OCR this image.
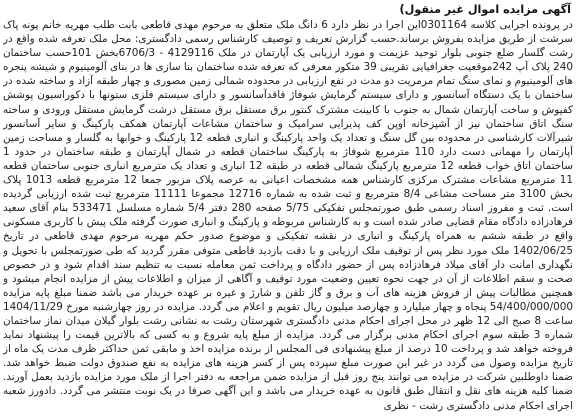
آگهی مزایده اموال غیر منقول)

در پرونده اجرایی کلاسه 0301164این اجرا در نظر دارد 6 دانگ ملک متعلق به مرحوم مهدی قاطعی بابت طلب مهریه خانم پونه پاک سرشت از طریق مزایده بفروش برساند.حسب گزارش تعریف و توصیف کارشناس رسمی دادگستری: محل ملک تعرفه شده واقع در رشت گلسار ضلع جنوبی بلوار توحید عزیمت و مورد ارزیابی یک آپارتمان در ملک 4129116 - 6706/3بخش 101حسب ساختمان 240 پلاک آپ 242موقعیت جغرافیایی تقریبی 39 متکور معرفی که تعرفه شده ساختمان بنا سازی ها در بنای آلومینیوم و شیشه پنجره های آلومینیوم و نمای سنگ تمام مرمریت دو مدت در نفع ارزیابی در محدوده شمالی زمین مصوری و چهار طبقه آزاد و ساخته شده در ساختمان با یک دستگاه آسانسور و دارای سیستم گرمایش شوفاژ فاقدآسانسور و دارای سیستم فلزی ستونها با دکوراسیون پوشش کفپوش و ساخت آپارتمان شمال به جنوب با کابینت مشترک کنتور برق مستقل برق مستقل درشت گرمایش مستقل ورودی و ساخته سنگ اتاق ساختمان نیز از آشپزخانه اوپن کف پذیرایی سرامیک و ساختمان مشاعات آپارتمان همکف پارکینگ و سایر آسانسور شیرآلات کارشناسی در محدوده بین گل سنگ و تعداد یک واحد پارکینگ و انباری قطعه 12 پارکینگ و خوابها به گلسار و مساحت زمین آپارتمان را مهمانی دست دارد 110 مترمربع شوفاژ به پارکینگ ساختمان قطعه در شمال آپارتمان و طبقه ساختمان در حدود 1 ساختمان اتاق خواب قطعه 12 مترمربع پارکینگ شمالی قطعه در طبقه 12 انباری و تعداد یک مترمربع انباری جنوبی ساختمان قطعه 11 مترمربع مشاعات مشترک مرکزی کارشناس همه مشخصات اعیانی به عرصه پلاک مزبور جمعا 12 مترمربع قطعه 1013 پلاک بخش 3100 متر مساحت مشاعی 8/4 مترمربع و ثبت شده به شماره 12716 مجموعا 11111 مترمربع ثبت شده ارزیابی گردیده است. ثبت و مفروز اسناد رسمی طبق صورتمجلس تفکیکی 5/75 صفحه 280 دفتر 5/4 شماره مسلسل 533471 بنام آقای سعید فرهادزاده دادگاه مقام قضایی صادر شده است و به کارشناس مربوطه و پارکینگ و انباری صورت گرفته ملک پیش با کاربری مسکونی واقع در طبقه ششم به همراه پارکینگ و انباری در نقشه تفکیکی و موضوع صدور حکم مهریه مرحوم مهدی قاطعی در تاریخ 1402/06/25 ملک مورد نظر پس از توقیف ملک ارزیابی و با دقت بازدید قاطعی متوفی مقرر گردید که طی صورتمجلس با تحویل و نگهداری امانت دار آقای میلاد فرهادزاده پس از حضور دادگاه و پرداخت ثمن معامله نسبت به تنظیم سند اقدام شود و در خصوص صحت و سقم اطلاعات از آن در جهت نحوه تعیین وضعیت مورد توقیف و آگاهی از میزان و اطلاعات پیش از مزایده انجام میشود و همچنین مطالبات پیش از فروش هزینه های آب و برق و گاز تلفن و شارژ و غیره بر عهده خریدار می باشد ضمنا مبلغ پایه مزایده 54/400/000/000 پنجاه و چهار میلیارد و چهارصد میلیون ریال تقویم و اعلام می گردد. مزایده در روز چهارشنبه مورخ 1404/11/29 ساعت 8 صبح الی 12 ظهر در محل اجرای احکام مدنی دادگستری شهرستان رشت به نشانی رشت بلوار گیلان میدان نماز ساختمان شماره 3 طبقه سوم اجرای احکام مدنی برگزار می گردد. مزایده از مبلغ پایه شروع و به کسی که بالاترین قیمت را پیشنهاد نماید فروخته خواهد شد و پرداخت 10 درصد از مبلغ پیشنهادی فی المجلس از برنده مزایده اخذ و مابقی ثمن حداکثر ظرف مدت یک ماه از تاریخ مزایده وصول می گردد در غیر این صورت مبلغ سپرده پس از کسر هزینه های مزایده به نفع صندوق دولت ضبط خواهد شد. ضمنا داوطلبین شرکت در مزایده می توانند پنج روز قبل از مزایده ضمن مراجعه به دفتر اجرا از ملک مورد مزایده بازدید بعمل آورند. ضمنا کلیه هزینه های نقل و انتقال طبق قانون به عهده خریدار می باشد و این آگهی صرفا در یک نوبت منتشر می گردد. دادورز شعبه اجرای احکام مدنی دادگستری رشت - نظری
